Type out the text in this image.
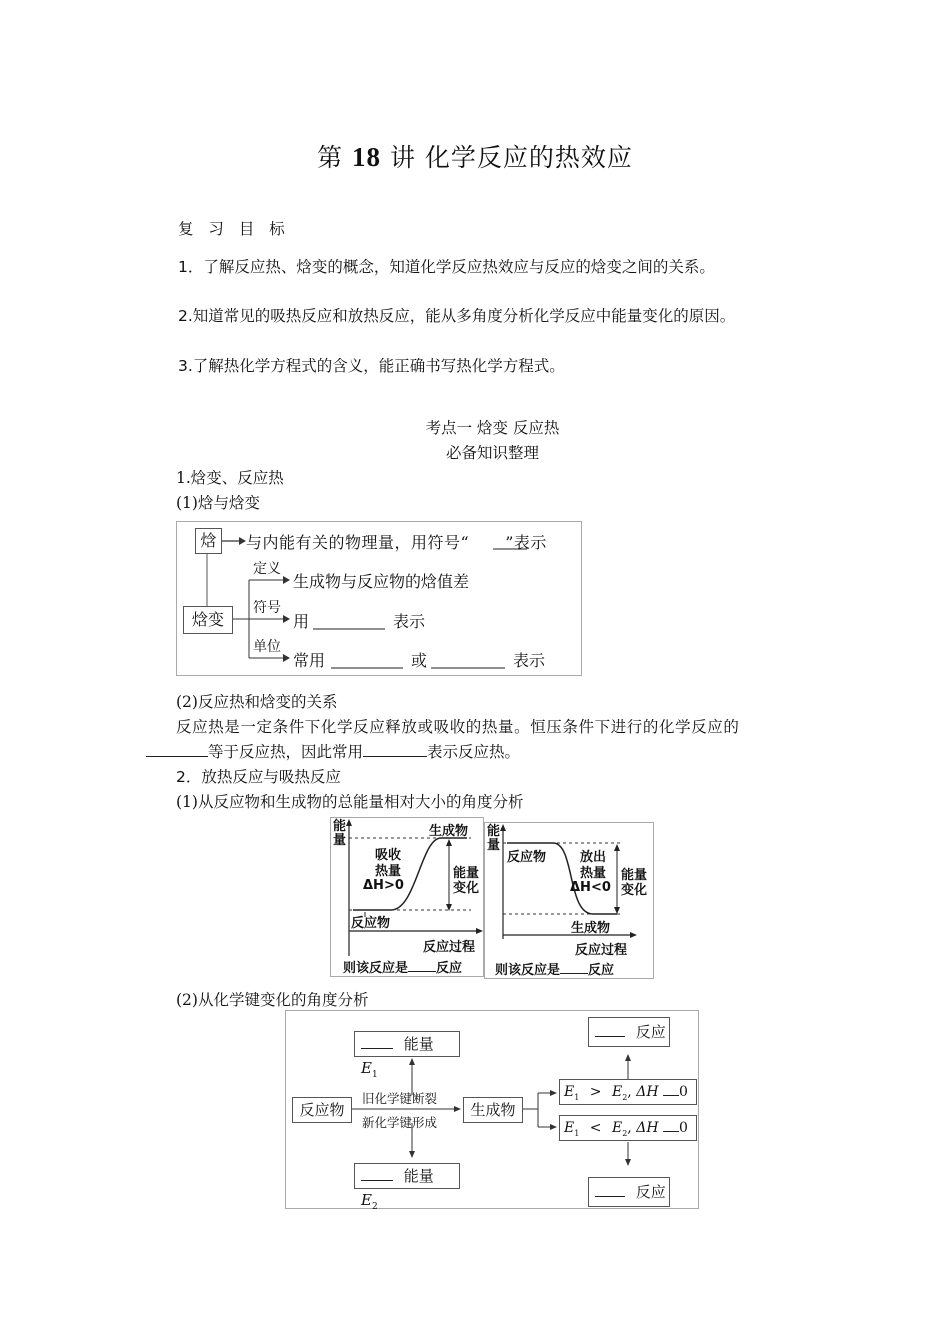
第 18 讲 化学反应的热效应
复 习 目 标
1．了解反应热、焓变的概念，知道化学反应热效应与反应的焓变之间的关系。
2.知道常见的吸热反应和放热反应，能从多角度分析化学反应中能量变化的原因。
3.了解热化学方程式的含义，能正确书写热化学方程式。
考点一 焓变 反应热
必备知识整理
1.焓变、反应热
(1)焓与焓变
焓	与内能有关的物理量，用符号“ ”表示
焓变
定义
生成物与反应物的焓值差
符号
用	表示
单位
常用	或	表示
(2)反应热和焓变的关系
反应热是一定条件下化学反应释放或吸收的热量。恒压条件下进行的化学反应的
等于反应热，因此常用	表示反应热。
2．放热反应与吸热反应
(1)从反应物和生成物的总能量相对大小的角度分析
能量
生成物
吸收
热量
ΔH>0
能量
变化
反应物
反应过程
则该反应是 反应
能量
反应物	放出
热量
ΔH<0
能量
变化
生成物
反应过程
则该反应是 反应
(2)从化学键变化的角度分析
能量 $E_1$
能量 $E_2$
反应物
旧化学键断裂
新化学键形成
生成物
$E_1 > E_2$, ΔH 0
$E_1 < E_2$, ΔH 0
反应
反应
